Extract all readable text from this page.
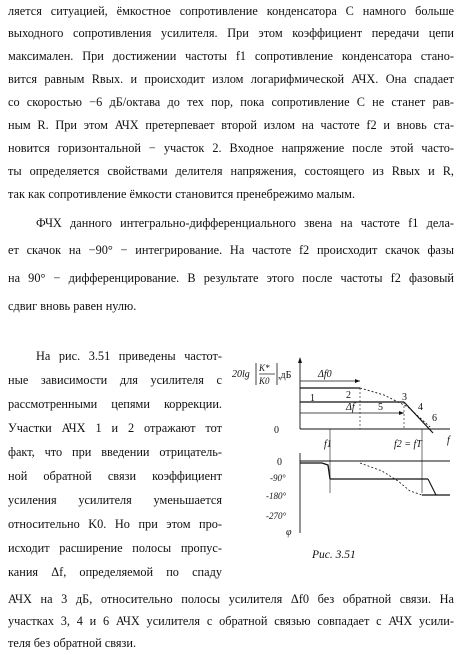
ляется ситуацией, ёмкостное сопротивление конденсатора C намного больше
выходного сопротивления усилителя. При этом коэффициент передачи цепи
максимален. При достижении частоты f1 сопротивление конденсатора стано-
вится равным Rвых. и происходит излом логарифмической АЧХ. Она спадает
со скоростью −6 дБ/октава до тех пор, пока сопротивление C не станет рав-
ным R. При этом АЧХ претерпевает второй излом на частоте f2 и вновь ста-
новится горизонтальной − участок 2. Входное напряжение после этой часто-
ты определяется свойствами делителя напряжения, состоящего из Rвых и R,
так как сопротивление ёмкости становится пренебрежимо малым.
ФЧХ данного интегрально-дифференциального звена на частоте f1 дела-
ет скачок на −90° − интегрирование. На частоте f2 происходит скачок фазы
на 90° − дифференцирование. В результате этого после частоты f2 фазовый
сдвиг вновь равен нулю.
На рис. 3.51 приведены частот-
ные зависимости для усилителя с
рассмотренными цепями коррекции.
Участки АЧХ 1 и 2 отражают тот
факт, что при введении отрицатель-
ной обратной связи коэффициент
усиления усилителя уменьшается
относительно K0. Но при этом про-
исходит расширение полосы пропус-
кания Δf, определяемой по спаду
АЧХ на 3 дБ, относительно полосы усилителя Δf0 без обратной связи. На
участках 3, 4 и 6 АЧХ усилителя с обратной связью совпадает с АЧХ усили-
теля без обратной связи.
20lg
K*
K0 ,дБ
0
f
Δf0
Δf
1	2	3
4
5
6
f1	f2 = fT
0
-90°
-180°
-270°
φ
Рис. 3.51
